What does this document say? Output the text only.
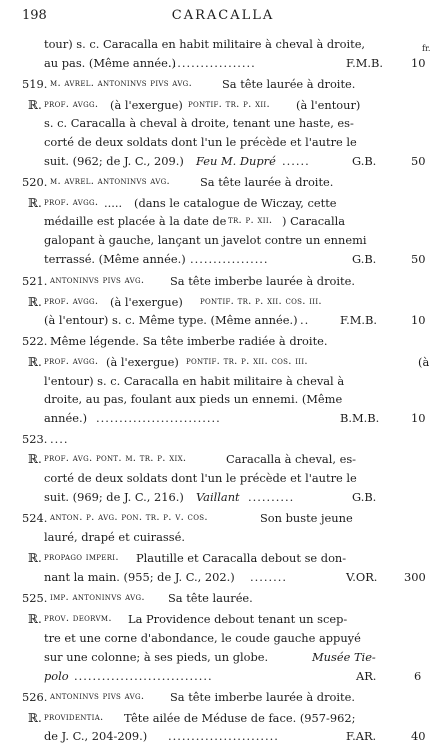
198	CARACALLA
fr.
tour) s. c. Caracalla en habit militaire à cheval à droite,
au pas. (Même année.)
...................	F.M.B. 10
519. m. avrel. antoninvs pivs avg.	Sa tête laurée à droite.
ℝ. prof. avgg. (à l'exergue) pontif. tr. p. xii. (à l'entour)
s. c. Caracalla à cheval à droite, tenant une haste, es-
corté de deux soldats dont l'un le précède et l'autre le
suit. (962; de J. C., 209.) Feu M. Dupré ......	G.B.	50
520. m. avrel. antoninvs avg.	Sa tête laurée à droite.
ℝ. prof. avgg. ..... (dans le catalogue de Wiczay, cette
médaille est placée à la date de tr. p. xii. ) Caracalla
galopant à gauche, lançant un javelot contre un ennemi
terrassé. (Même année.) .................	G.B.	50
521. antoninvs pivs avg. Sa tête imberbe laurée à droite.
ℝ. prof. avgg. (à l'exergue) pontif. tr. p. xii. cos. iii.
(à l'entour) s. c. Même type. (Même année.) ..	F.M.B.	10
522. Même légende. Sa tête imberbe radiée à droite.
ℝ. prof. avgg. (à l'exergue) pontif. tr. p. xii. cos. iii.	(à
l'entour) s. c. Caracalla en habit militaire à cheval à
droite, au pas, foulant aux pieds un ennemi. (Même
année.) ...........................	B.M.B.	10
523. ....
ℝ. prof. avg. pont. m. tr. p. xix.	Caracalla à cheval, es-
corté de deux soldats dont l'un le précède et l'autre le
suit. (969; de J. C., 216.) Vaillant ..........	G.B.
524. anton. p. avg. pon. tr. p. v. cos.	Son buste jeune
lauré, drapé et cuirassé.
ℝ. propago imperi. Plautille et Caracalla debout se don-
nant la main. (955; de J. C., 202.) ........	V.OR. 300
525. imp. antoninvs avg. Sa tête laurée.
ℝ. prov. deorvm. La Providence debout tenant un scep-
tre et une corne d'abondance, le coude gauche appuyé
sur une colonne; à ses pieds, un globe.	Musée Tie-
polo ..............................	AR.	6
526. antoninvs pivs avg. Sa tête imberbe laurée à droite.
ℝ. providentia. Tête ailée de Méduse de face. (957-962;
de J. C., 204-209.) ........................	F.AR.	40
